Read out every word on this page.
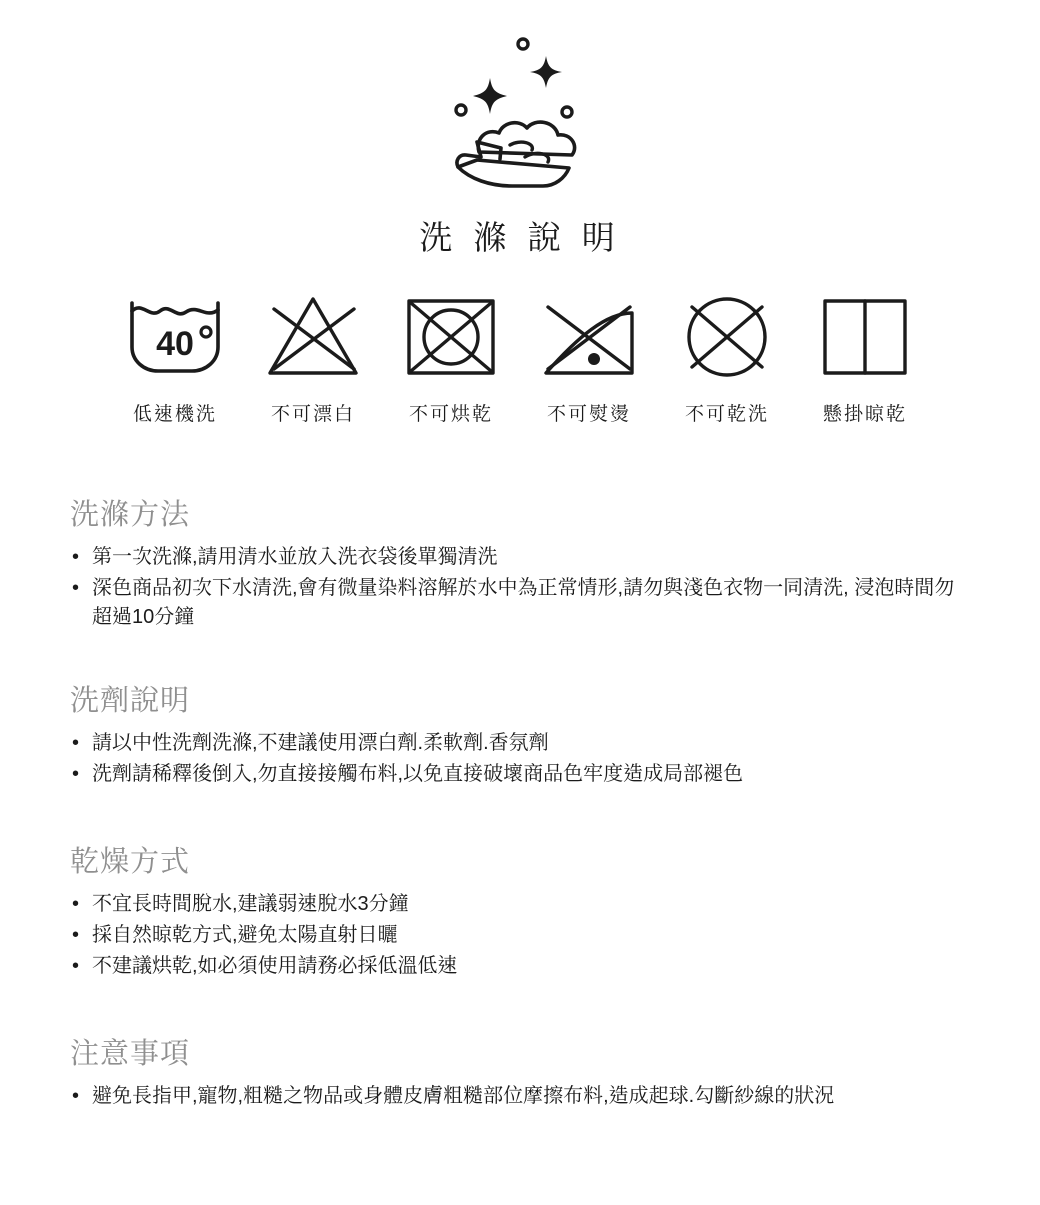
洗 滌 說 明
40
低速機洗	不可漂白	不可烘乾	不可熨燙	不可乾洗	懸掛晾乾
洗滌方法
• 第一次洗滌,請用清水並放入洗衣袋後單獨清洗
• 深色商品初次下水清洗,會有微量染料溶解於水中為正常情形,請勿與淺色衣物一同清洗, 浸泡時間勿超過10分鐘
洗劑說明
• 請以中性洗劑洗滌,不建議使用漂白劑.柔軟劑.香氛劑
• 洗劑請稀釋後倒入,勿直接接觸布料,以免直接破壞商品色牢度造成局部褪色
乾燥方式
• 不宜長時間脫水,建議弱速脫水3分鐘
• 採自然晾乾方式,避免太陽直射日曬
• 不建議烘乾,如必須使用請務必採低溫低速
注意事項
• 避免長指甲,寵物,粗糙之物品或身體皮膚粗糙部位摩擦布料,造成起球.勾斷紗線的狀況
